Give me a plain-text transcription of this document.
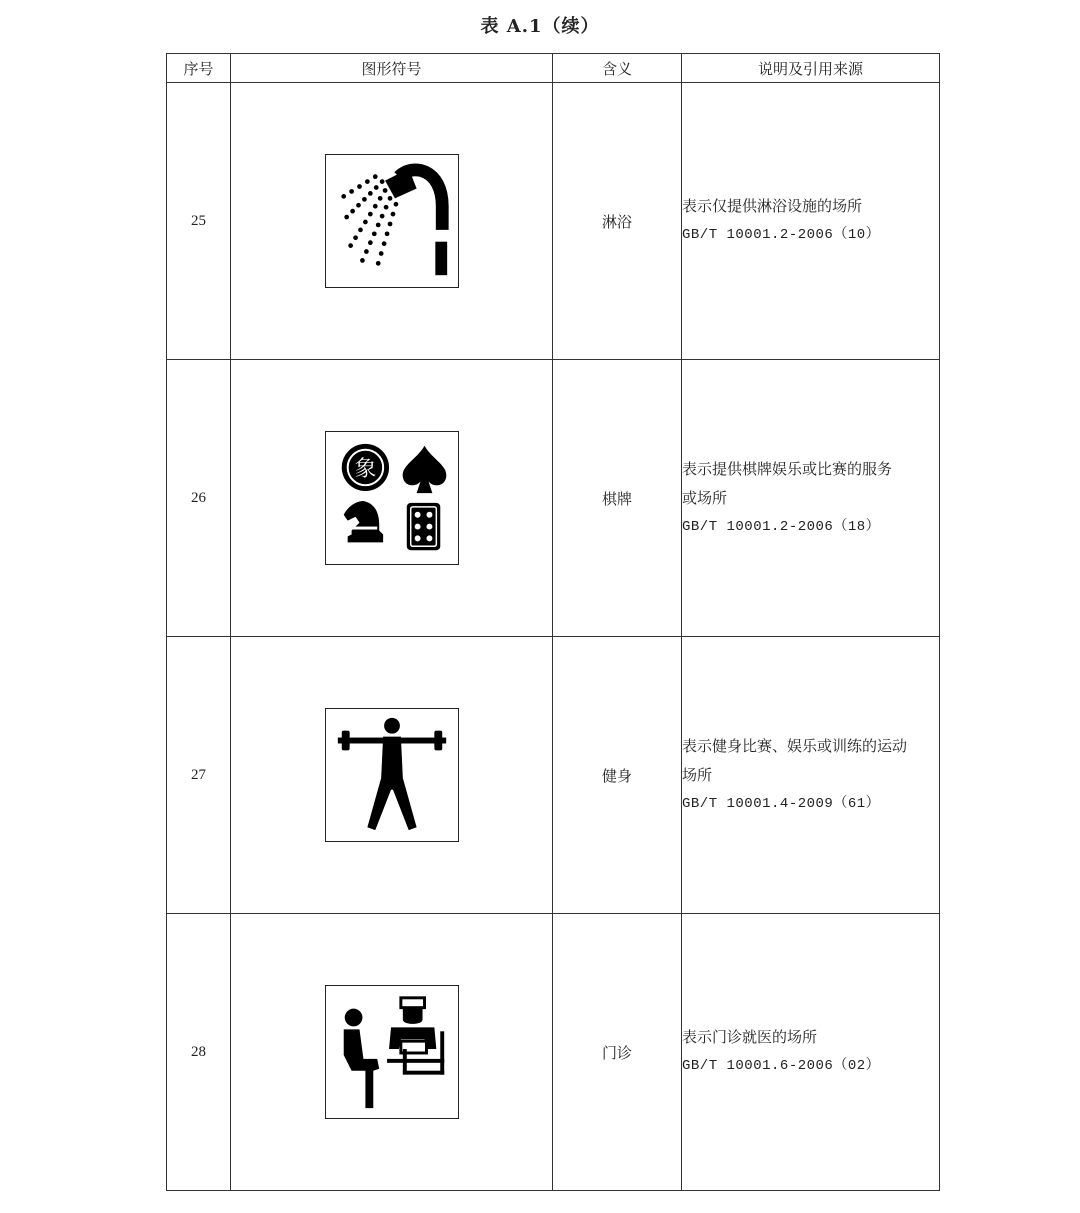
表 A.1（续）
序号	图形符号	含义	说明及引用来源
25		淋浴	表示仅提供淋浴设施的场所
GB/T 10001.2-2006（10）

26	象	棋牌	表示提供棋牌娱乐或比赛的服务
或场所
GB/T 10001.2-2006（18）

27		健身	表示健身比赛、娱乐或训练的运动
场所
GB/T 10001.4-2009（61）

28		门诊	表示门诊就医的场所
GB/T 10001.6-2006（02）
